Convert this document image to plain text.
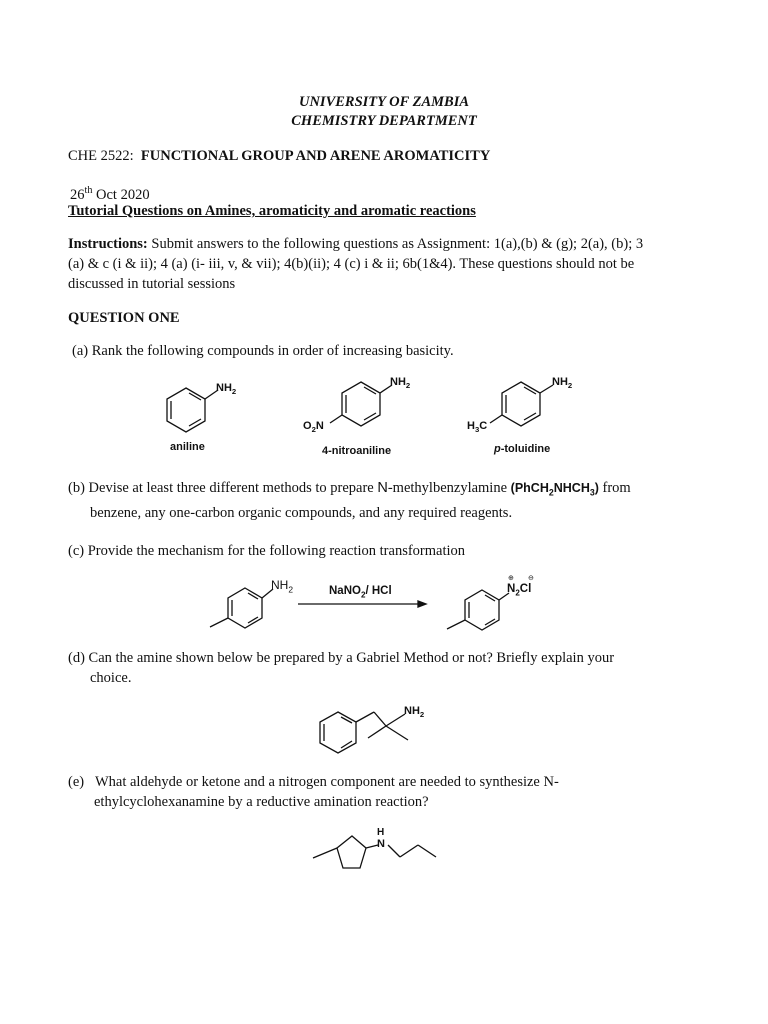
UNIVERSITY OF ZAMBIA
CHEMISTRY DEPARTMENT
CHE 2522: FUNCTIONAL GROUP AND ARENE AROMATICITY
26th Oct 2020
Tutorial Questions on Amines, aromaticity and aromatic reactions
Instructions: Submit answers to the following questions as Assignment: 1(a),(b) & (g); 2(a), (b); 3
(a) & c (i & ii); 4 (a) (i- iii, v, & vii); 4(b)(ii); 4 (c) i & ii; 6b(1&4). These questions should not be
discussed in tutorial sessions
QUESTION ONE
(a) Rank the following compounds in order of increasing basicity.
$NH_2$
$NH_2$
$O_2N$
$NH_2$
$H_3C$
aniline	4-nitroaniline	p-toluidine
(b) Devise at least three different methods to prepare N-methylbenzylamine $(PhCH_2NHCH_3)$ from
benzene, any one-carbon organic compounds, and any required reagents.
(c) Provide the mechanism for the following reaction transformation
$NH_2$	NaNO$_2$/ HCl	$N_2Cl$
⊕ ⊖
(d) Can the amine shown below be prepared by a Gabriel Method or not? Briefly explain your
choice.
$NH_2$
(e) What aldehyde or ketone and a nitrogen component are needed to synthesize N-
ethylcyclohexanamine by a reductive amination reaction?
H
N
